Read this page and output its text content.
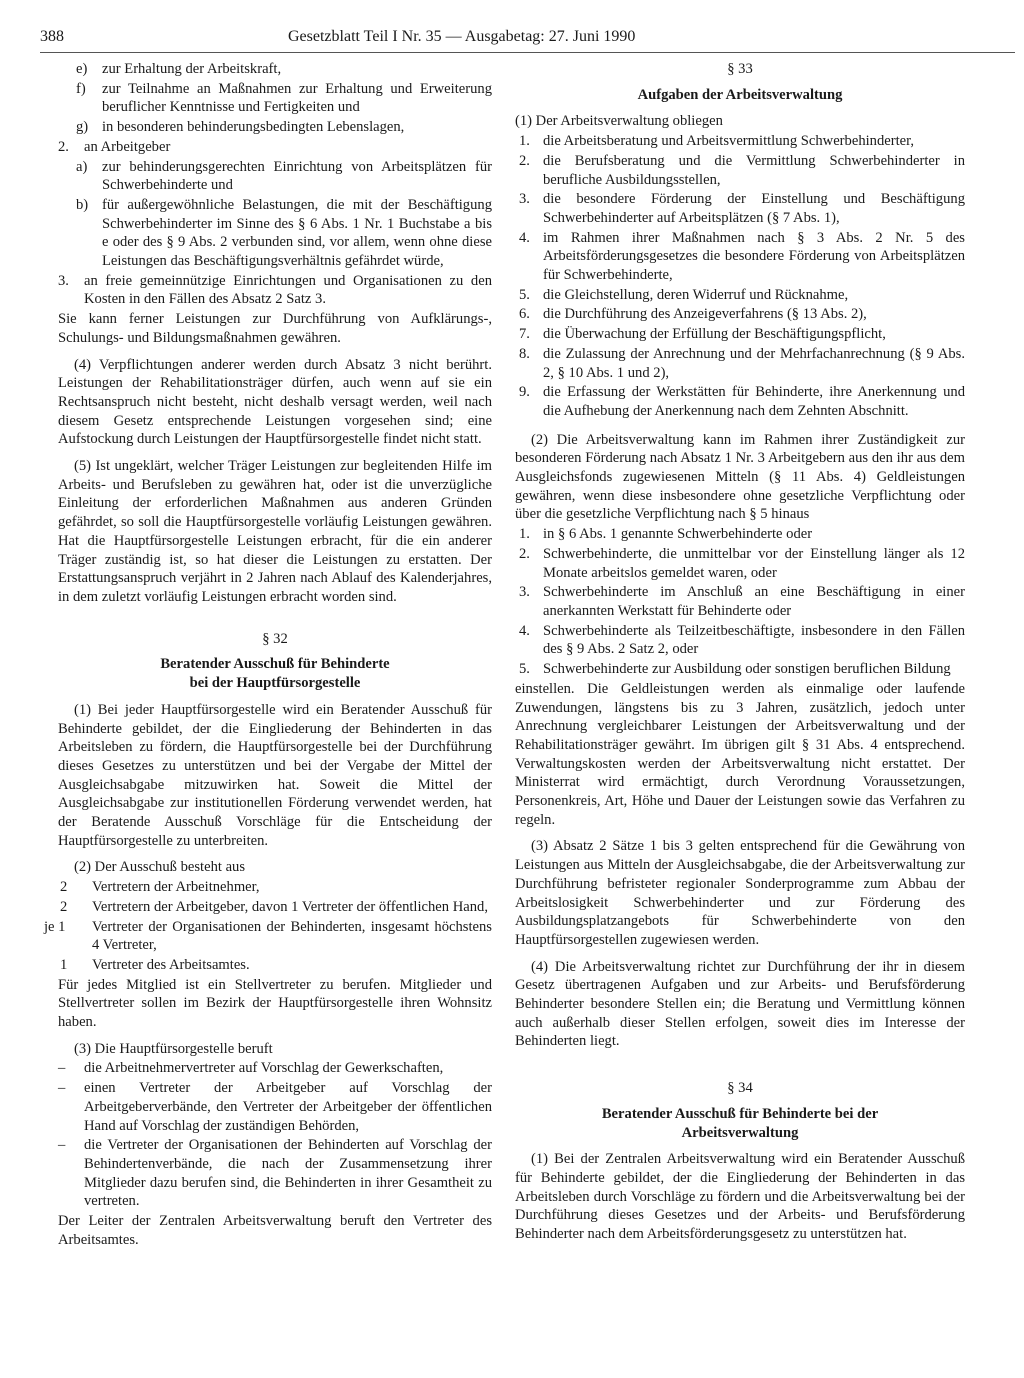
388	Gesetzblatt Teil I Nr. 35 — Ausgabetag: 27. Juni 1990
e) zur Erhaltung der Arbeitskraft,
f) zur Teilnahme an Maßnahmen zur Erhaltung und Erweiterung beruflicher Kenntnisse und Fertigkeiten und
g) in besonderen behinderungsbedingten Lebenslagen,
2. an Arbeitgeber
a) zur behinderungsgerechten Einrichtung von Arbeitsplätzen für Schwerbehinderte und
b) für außergewöhnliche Belastungen, die mit der Beschäftigung Schwerbehinderter im Sinne des § 6 Abs. 1 Nr. 1 Buchstabe a bis e oder des § 9 Abs. 2 verbunden sind, vor allem, wenn ohne diese Leistungen das Beschäftigungsverhältnis gefährdet würde,
3. an freie gemeinnützige Einrichtungen und Organisationen zu den Kosten in den Fällen des Absatz 2 Satz 3.

Sie kann ferner Leistungen zur Durchführung von Aufklärungs-, Schulungs- und Bildungsmaßnahmen gewähren.

(4) Verpflichtungen anderer werden durch Absatz 3 nicht berührt. Leistungen der Rehabilitationsträger dürfen, auch wenn auf sie ein Rechtsanspruch nicht besteht, nicht deshalb versagt werden, weil nach diesem Gesetz entsprechende Leistungen vorgesehen sind; eine Aufstockung durch Leistungen der Hauptfürsorgestelle findet nicht statt.

(5) Ist ungeklärt, welcher Träger Leistungen zur begleitenden Hilfe im Arbeits- und Berufsleben zu gewähren hat, oder ist die unverzügliche Einleitung der erforderlichen Maßnahmen aus anderen Gründen gefährdet, so soll die Hauptfürsorgestelle vorläufig Leistungen gewähren. Hat die Hauptfürsorgestelle Leistungen erbracht, für die ein anderer Träger zuständig ist, so hat dieser die Leistungen zu erstatten. Der Erstattungsanspruch verjährt in 2 Jahren nach Ablauf des Kalenderjahres, in dem zuletzt vorläufig Leistungen erbracht worden sind.

§ 32
Beratender Ausschuß für Behinderte
bei der Hauptfürsorgestelle

(1) Bei jeder Hauptfürsorgestelle wird ein Beratender Ausschuß für Behinderte gebildet, der die Eingliederung der Behinderten in das Arbeitsleben zu fördern, die Hauptfürsorgestelle bei der Durchführung dieses Gesetzes zu unterstützen und bei der Vergabe der Mittel der Ausgleichsabgabe mitzuwirken hat. Soweit die Mittel der Ausgleichsabgabe zur institutionellen Förderung verwendet werden, hat der Beratende Ausschuß Vorschläge für die Entscheidung der Hauptfürsorgestelle zu unterbreiten.

(2) Der Ausschuß besteht aus

2 Vertretern der Arbeitnehmer,
2 Vertretern der Arbeitgeber, davon 1 Vertreter der öffentlichen Hand,
je 1 Vertreter der Organisationen der Behinderten, insgesamt höchstens 4 Vertreter,
1 Vertreter des Arbeitsamtes.

Für jedes Mitglied ist ein Stellvertreter zu berufen. Mitglieder und Stellvertreter sollen im Bezirk der Hauptfürsorgestelle ihren Wohnsitz haben.

(3) Die Hauptfürsorgestelle beruft

– die Arbeitnehmervertreter auf Vorschlag der Gewerkschaften,
– einen Vertreter der Arbeitgeber auf Vorschlag der Arbeitgeberverbände, den Vertreter der Arbeitgeber der öffentlichen Hand auf Vorschlag der zuständigen Behörden,
– die Vertreter der Organisationen der Behinderten auf Vorschlag der Behindertenverbände, die nach der Zusammensetzung ihrer Mitglieder dazu berufen sind, die Behinderten in ihrer Gesamtheit zu vertreten.

Der Leiter der Zentralen Arbeitsverwaltung beruft den Vertreter des Arbeitsamtes.

§ 33
Aufgaben der Arbeitsverwaltung

(1) Der Arbeitsverwaltung obliegen

1. die Arbeitsberatung und Arbeitsvermittlung Schwerbehinderter,
2. die Berufsberatung und die Vermittlung Schwerbehinderter in berufliche Ausbildungsstellen,
3. die besondere Förderung der Einstellung und Beschäftigung Schwerbehinderter auf Arbeitsplätzen (§ 7 Abs. 1),
4. im Rahmen ihrer Maßnahmen nach § 3 Abs. 2 Nr. 5 des Arbeitsförderungsgesetzes die besondere Förderung von Arbeitsplätzen für Schwerbehinderte,
5. die Gleichstellung, deren Widerruf und Rücknahme,
6. die Durchführung des Anzeigeverfahrens (§ 13 Abs. 2),
7. die Überwachung der Erfüllung der Beschäftigungspflicht,
8. die Zulassung der Anrechnung und der Mehrfachanrechnung (§ 9 Abs. 2, § 10 Abs. 1 und 2),
9. die Erfassung der Werkstätten für Behinderte, ihre Anerkennung und die Aufhebung der Anerkennung nach dem Zehnten Abschnitt.

(2) Die Arbeitsverwaltung kann im Rahmen ihrer Zuständigkeit zur besonderen Förderung nach Absatz 1 Nr. 3 Arbeitgebern aus den ihr aus dem Ausgleichsfonds zugewiesenen Mitteln (§ 11 Abs. 4) Geldleistungen gewähren, wenn diese insbesondere ohne gesetzliche Verpflichtung oder über die gesetzliche Verpflichtung nach § 5 hinaus

1. in § 6 Abs. 1 genannte Schwerbehinderte oder
2. Schwerbehinderte, die unmittelbar vor der Einstellung länger als 12 Monate arbeitslos gemeldet waren, oder
3. Schwerbehinderte im Anschluß an eine Beschäftigung in einer anerkannten Werkstatt für Behinderte oder
4. Schwerbehinderte als Teilzeitbeschäftigte, insbesondere in den Fällen des § 9 Abs. 2 Satz 2, oder
5. Schwerbehinderte zur Ausbildung oder sonstigen beruflichen Bildung

einstellen. Die Geldleistungen werden als einmalige oder laufende Zuwendungen, längstens bis zu 3 Jahren, zusätzlich, jedoch unter Anrechnung vergleichbarer Leistungen der Arbeitsverwaltung und der Rehabilitationsträger gewährt. Im übrigen gilt § 31 Abs. 4 entsprechend. Verwaltungskosten werden der Arbeitsverwaltung nicht erstattet. Der Ministerrat wird ermächtigt, durch Verordnung Voraussetzungen, Personenkreis, Art, Höhe und Dauer der Leistungen sowie das Verfahren zu regeln.

(3) Absatz 2 Sätze 1 bis 3 gelten entsprechend für die Gewährung von Leistungen aus Mitteln der Ausgleichsabgabe, die der Arbeitsverwaltung zur Durchführung befristeter regionaler Sonderprogramme zum Abbau der Arbeitslosigkeit Schwerbehinderter und zur Förderung des Ausbildungsplatzangebots für Schwerbehinderte von den Hauptfürsorgestellen zugewiesen werden.

(4) Die Arbeitsverwaltung richtet zur Durchführung der ihr in diesem Gesetz übertragenen Aufgaben und zur Arbeits- und Berufsförderung Behinderter besondere Stellen ein; die Beratung und Vermittlung können auch außerhalb dieser Stellen erfolgen, soweit dies im Interesse der Behinderten liegt.

§ 34
Beratender Ausschuß für Behinderte bei der
Arbeitsverwaltung

(1) Bei der Zentralen Arbeitsverwaltung wird ein Beratender Ausschuß für Behinderte gebildet, der die Eingliederung der Behinderten in das Arbeitsleben durch Vorschläge zu fördern und die Arbeitsverwaltung bei der Durchführung dieses Gesetzes und der Arbeits- und Berufsförderung Behinderter nach dem Arbeitsförderungsgesetz zu unterstützen hat.
